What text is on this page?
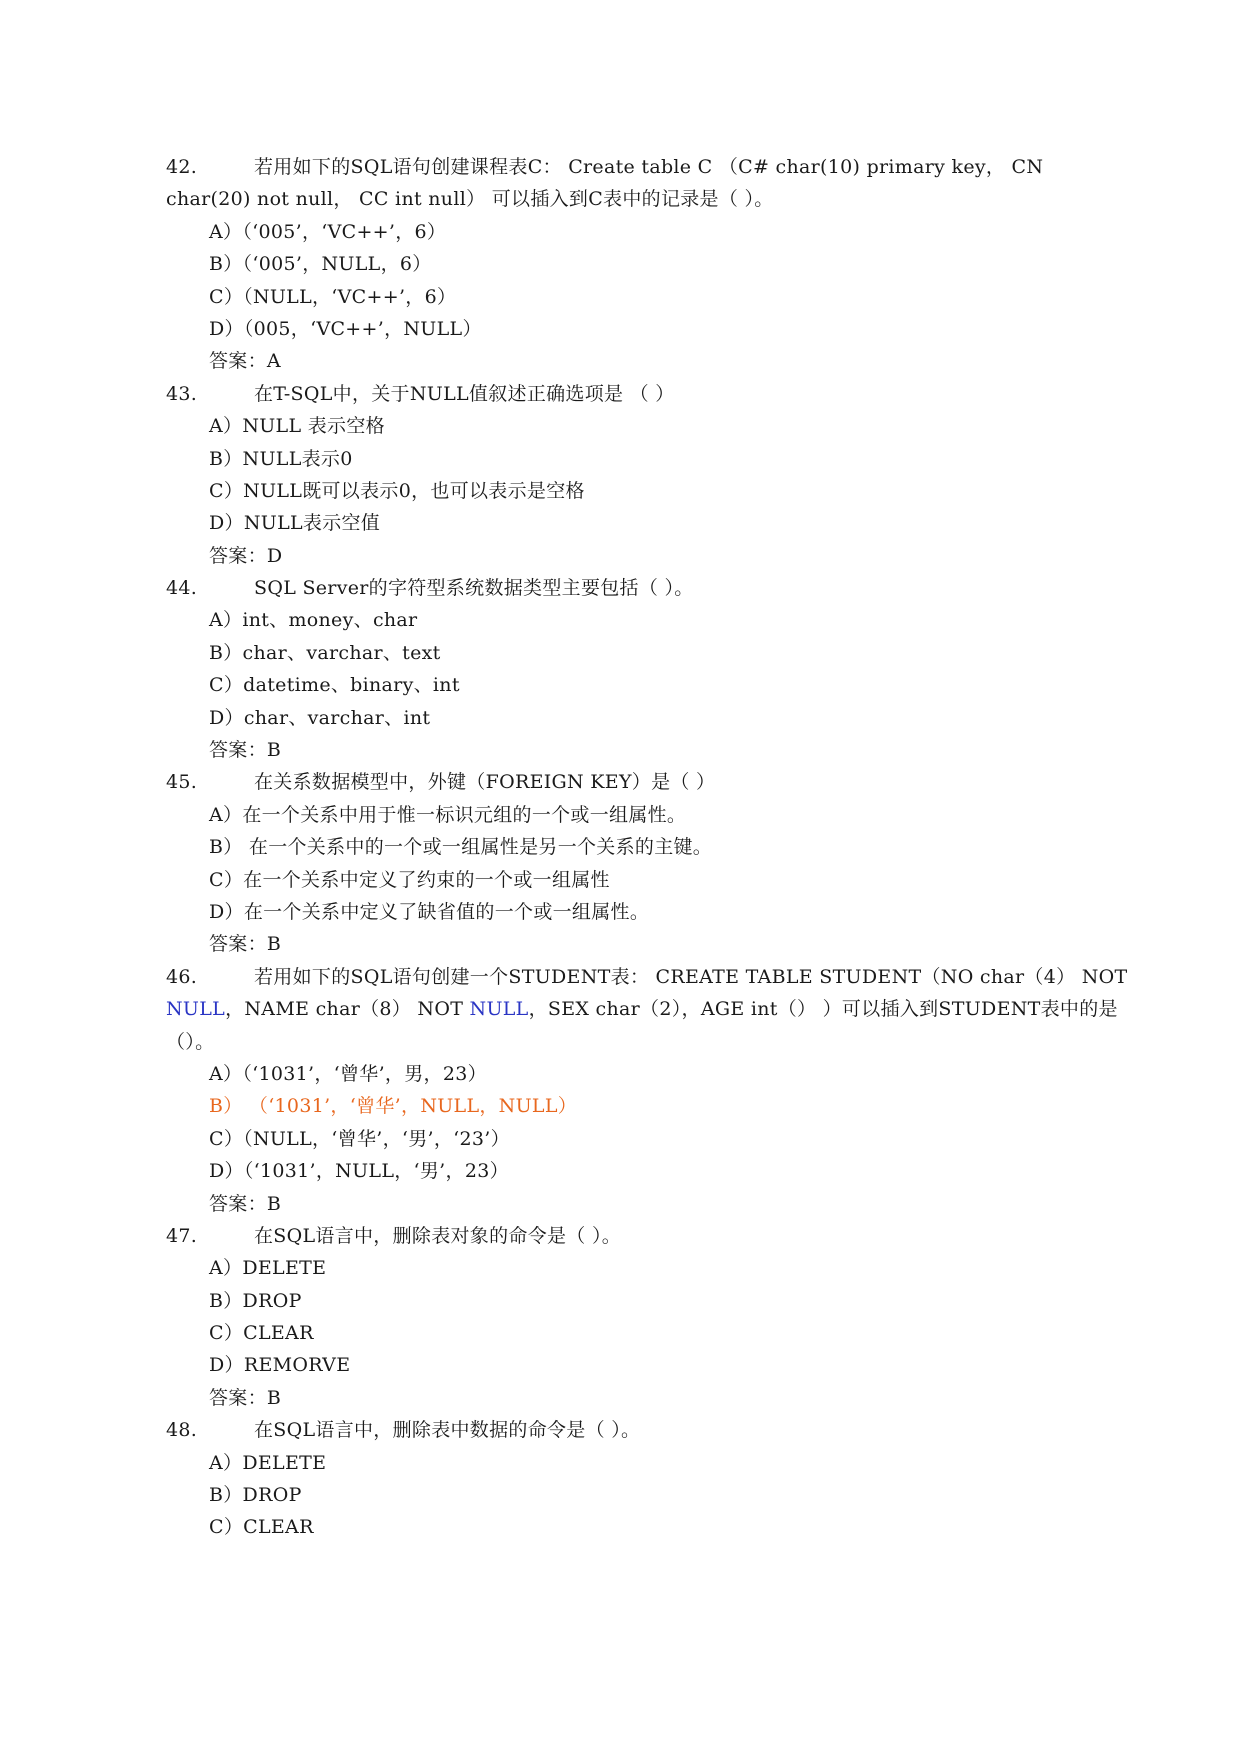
42.	若用如下的SQL语句创建课程表C： Create table C （C# char(10) primary key， CN
char(20) not null， CC int null） 可以插入到C表中的记录是（ ）。
A）（‘005’，‘VC++’，6）
B）（‘005’，NULL，6）
C）（NULL，‘VC++’，6）
D）（005，‘VC++’，NULL）
答案：A
43.	在T-SQL中，关于NULL值叙述正确选项是 （ ）
A）NULL 表示空格
B）NULL表示0
C）NULL既可以表示0，也可以表示是空格
D）NULL表示空值
答案：D
44.	SQL Server的字符型系统数据类型主要包括（ ）。
A）int、money、char
B）char、varchar、text
C）datetime、binary、int
D）char、varchar、int
答案：B
45.	在关系数据模型中，外键（FOREIGN KEY）是（ ）
A）在一个关系中用于惟一标识元组的一个或一组属性。
B） 在一个关系中的一个或一组属性是另一个关系的主键。
C）在一个关系中定义了约束的一个或一组属性
D）在一个关系中定义了缺省值的一个或一组属性。
答案：B
46.	若用如下的SQL语句创建一个STUDENT表： CREATE TABLE STUDENT（NO char（4） NOT
NULL，NAME char（8） NOT NULL，SEX char（2），AGE int（） ）可以插入到STUDENT表中的是
（）。
A）（‘1031’，‘曾华’，男，23）
B） （‘1031’，‘曾华’，NULL，NULL）
C）（NULL，‘曾华’，‘男’，‘23’）
D）（‘1031’，NULL，‘男’，23）
答案：B
47.	在SQL语言中，删除表对象的命令是（ ）。
A）DELETE
B）DROP
C）CLEAR
D）REMORVE
答案：B
48.	在SQL语言中，删除表中数据的命令是（ ）。
A）DELETE
B）DROP
C）CLEAR
